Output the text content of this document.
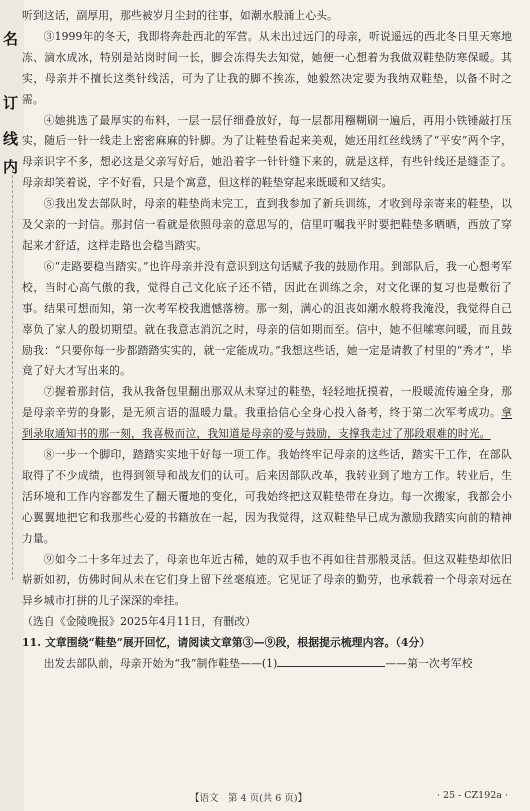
名
订
线
内

听到这话，副厚用，那些被岁月尘封的往事，如潮水般涌上心头。

③1999年的冬天，我即将奔赴西北的军营。从未出过远门的母亲，听说遥远的西北冬日里天寒地冻、滴水成冰，特别是站岗时间一长，脚会冻得失去知觉，她便一心想着为我做双鞋垫防寒保暖。其实，母亲并不擅长这类针线活，可为了让我的脚不挨冻，她毅然决定要为我纳双鞋垫，以备不时之需。

④她挑选了最厚实的布料，一层一层仔细叠放好，每一层都用糨糊刷一遍后，再用小铁锤敲打压实，随后一针一线走上密密麻麻的针脚。为了让鞋垫看起来美观，她还用红丝线绣了“平安”两个字，母亲识字不多，想必这是父亲写好后，她沿着字一针针缝下来的，就是这样，有些针线还是缝歪了。母亲却笑着说，字不好看，只是个寓意，但这样的鞋垫穿起来既暖和又结实。

⑤我出发去部队时，母亲的鞋垫尚未完工，直到我参加了新兵训练，才收到母亲寄来的鞋垫，以及父亲的一封信。那封信一看就是依照母亲的意思写的，信里叮嘱我平时要把鞋垫多晒晒，西放了穿起来才舒适，这样走路也会稳当踏实。

⑥“走路要稳当踏实。”也许母亲并没有意识到这句话赋予我的鼓励作用。到部队后，我一心想考军校，当时心高气傲的我，觉得自己文化底子还不错，因此在训练之余，对文化课的复习也是敷衍了事。结果可想而知，第一次考军校我遗憾落榜。那一刻，满心的沮丧如潮水般将我淹没，我觉得自己辜负了家人的殷切期望。就在我意志消沉之时，母亲的信如期而至。信中，她不但嗦寒问暖，而且鼓励我：“只要你每一步都踏踏实实的，就一定能成功。”我想这些话，她一定是请教了村里的“秀才”，毕竟了好大才写出来的。

⑦握着那封信，我从我备包里翻出那双从未穿过的鞋垫，轻轻地抚摸着，一股暖流传遍全身，那是母亲辛劳的身影，是无须言语的温暖力量。我重拾信心全身心投入备考，终于第二次军考成功。拿到录取通知书的那一刻，我喜极而泣，我知道是母亲的爱与鼓励，支撑我走过了那段艰难的时光。

⑧一步一个脚印，踏踏实实地干好每一项工作。我始终牢记母亲的这些话，踏实干工作，在部队取得了不少成绩，也得到领导和战友们的认可。后来因部队改革，我转业到了地方工作。转业后，生活环境和工作内容都发生了翻天覆地的变化，可我始终把这双鞋垫带在身边。每一次搬家，我都会小心翼翼地把它和我那些心爱的书籍放在一起，因为我觉得，这双鞋垫早已成为激励我踏实向前的精神力量。

⑨如今二十多年过去了，母亲也年近古稀，她的双手也不再如往昔那般灵活。但这双鞋垫却依旧崭新如初，仿佛时间从未在它们身上留下丝毫痕迹。它见证了母亲的勤劳，也承载着一个母亲对远在异乡城市打拼的儿子深深的牵挂。

（选自《金陵晚报》2025年4月11日，有删改）

11. 文章围绕“鞋垫”展开回忆，请阅读文章第③—⑨段，根据提示梳理内容。（4分）

出发去部队前，母亲开始为“我”制作鞋垫——(1)	——第一次考军校

【语文　第 4 页(共 6 页)】	· 25 - CZ192a ·
